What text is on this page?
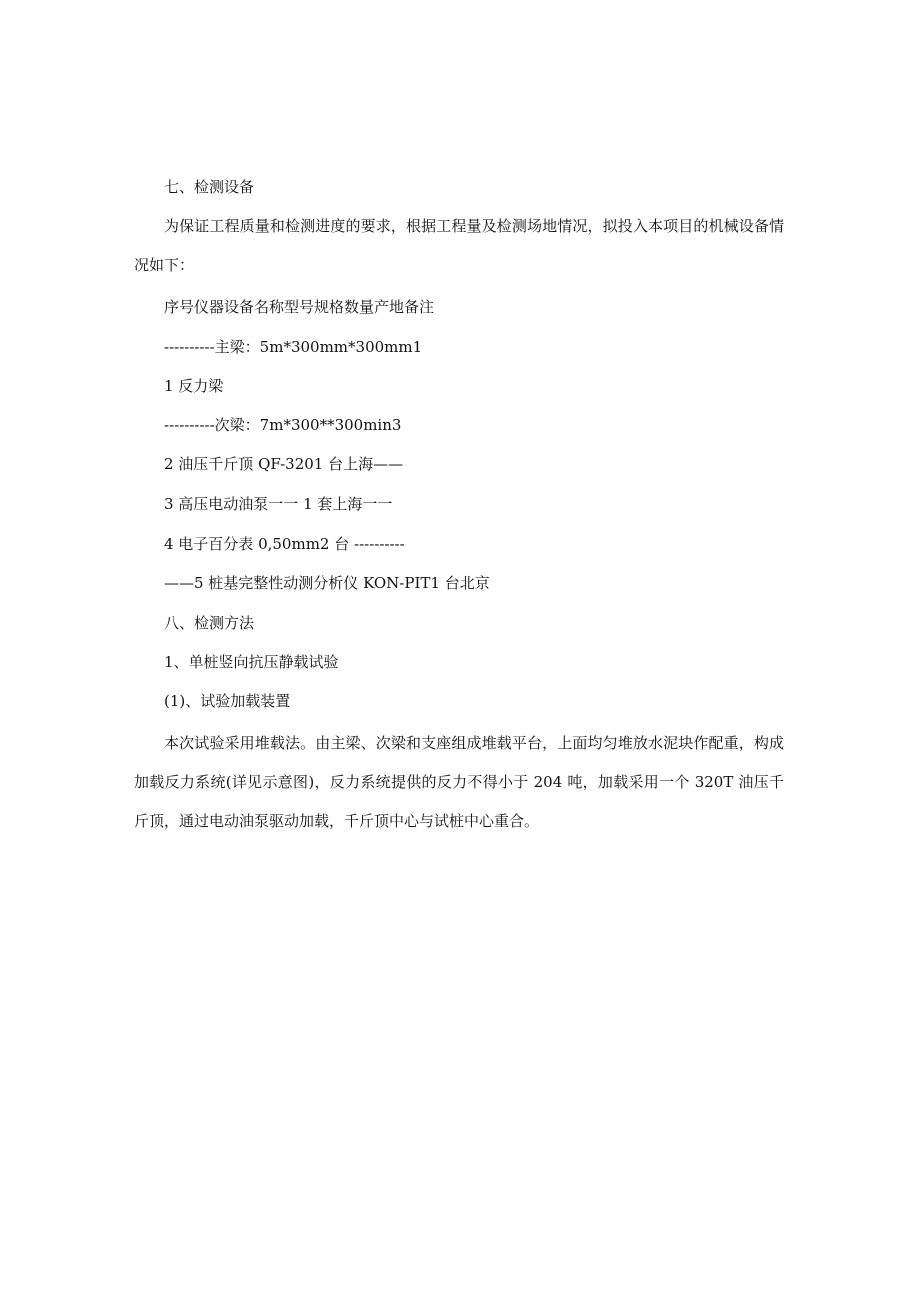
七、检测设备
为保证工程质量和检测进度的要求，根据工程量及检测场地情况，拟投入本项目的机械设备情况如下：
序号仪器设备名称型号规格数量产地备注
----------主梁：5m*300mm*300mm1
1 反力梁
----------次梁：7m*300**300min3
2 油压千斤顶 QF-3201 台上海——
3 高压电动油泵一一 1 套上海一一
4 电子百分表 0,50mm2 台 ----------
——5 桩基完整性动测分析仪 KON-PIT1 台北京
八、检测方法
1、单桩竖向抗压静载试验
(1)、试验加载装置
本次试验采用堆载法。由主梁、次梁和支座组成堆载平台，上面均匀堆放水泥块作配重，构成加载反力系统(详见示意图)，反力系统提供的反力不得小于 204 吨，加载采用一个 320T 油压千斤顶，通过电动油泵驱动加载，千斤顶中心与试桩中心重合。
